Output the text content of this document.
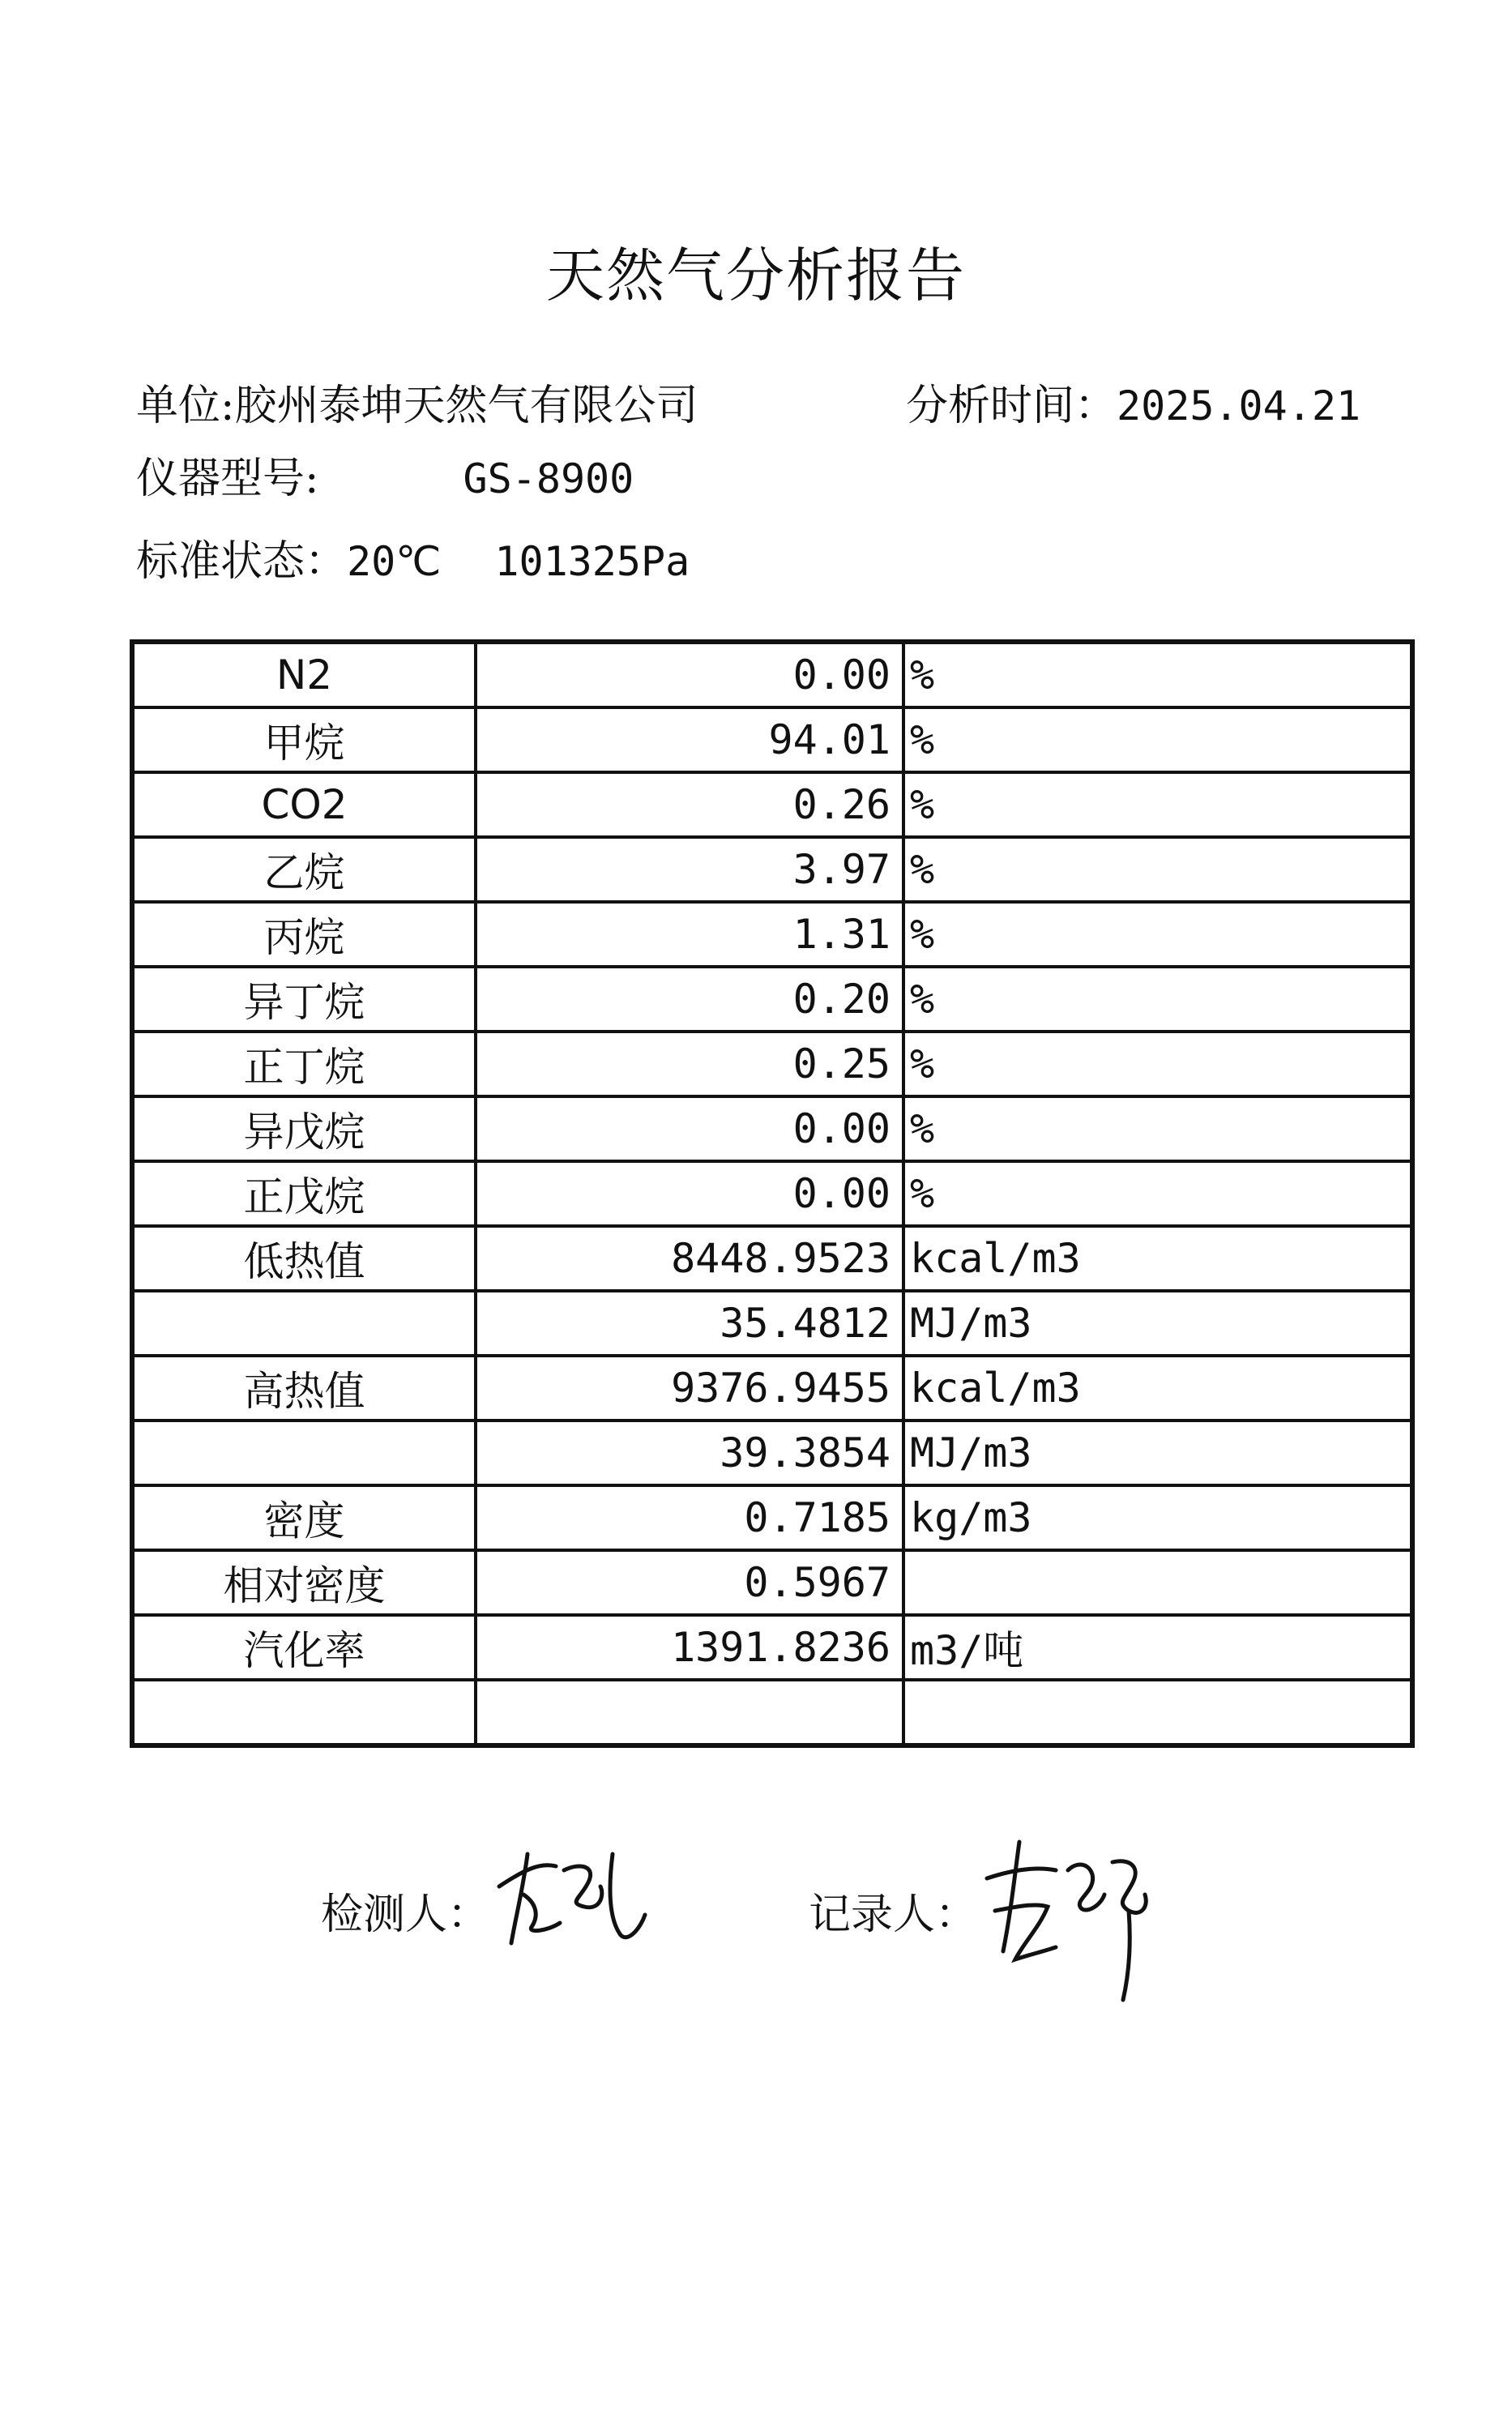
天然气分析报告
单位:胶州泰坤天然气有限公司	分析时间：2025.04.21
仪器型号:	GS-8900
标准状态：20℃ 101325Pa
N2	0.00	%
甲烷	94.01	%
CO2	0.26	%
乙烷	3.97	%
丙烷	1.31	%
异丁烷	0.20	%
正丁烷	0.25	%
异戊烷	0.00	%
正戊烷	0.00	%
低热值	8448.9523	kcal/m3
	35.4812	MJ/m3
高热值	9376.9455	kcal/m3
	39.3854	MJ/m3
密度	0.7185	kg/m3
相对密度	0.5967	
汽化率	1391.8236	m3/吨

检测人：	记录人：
